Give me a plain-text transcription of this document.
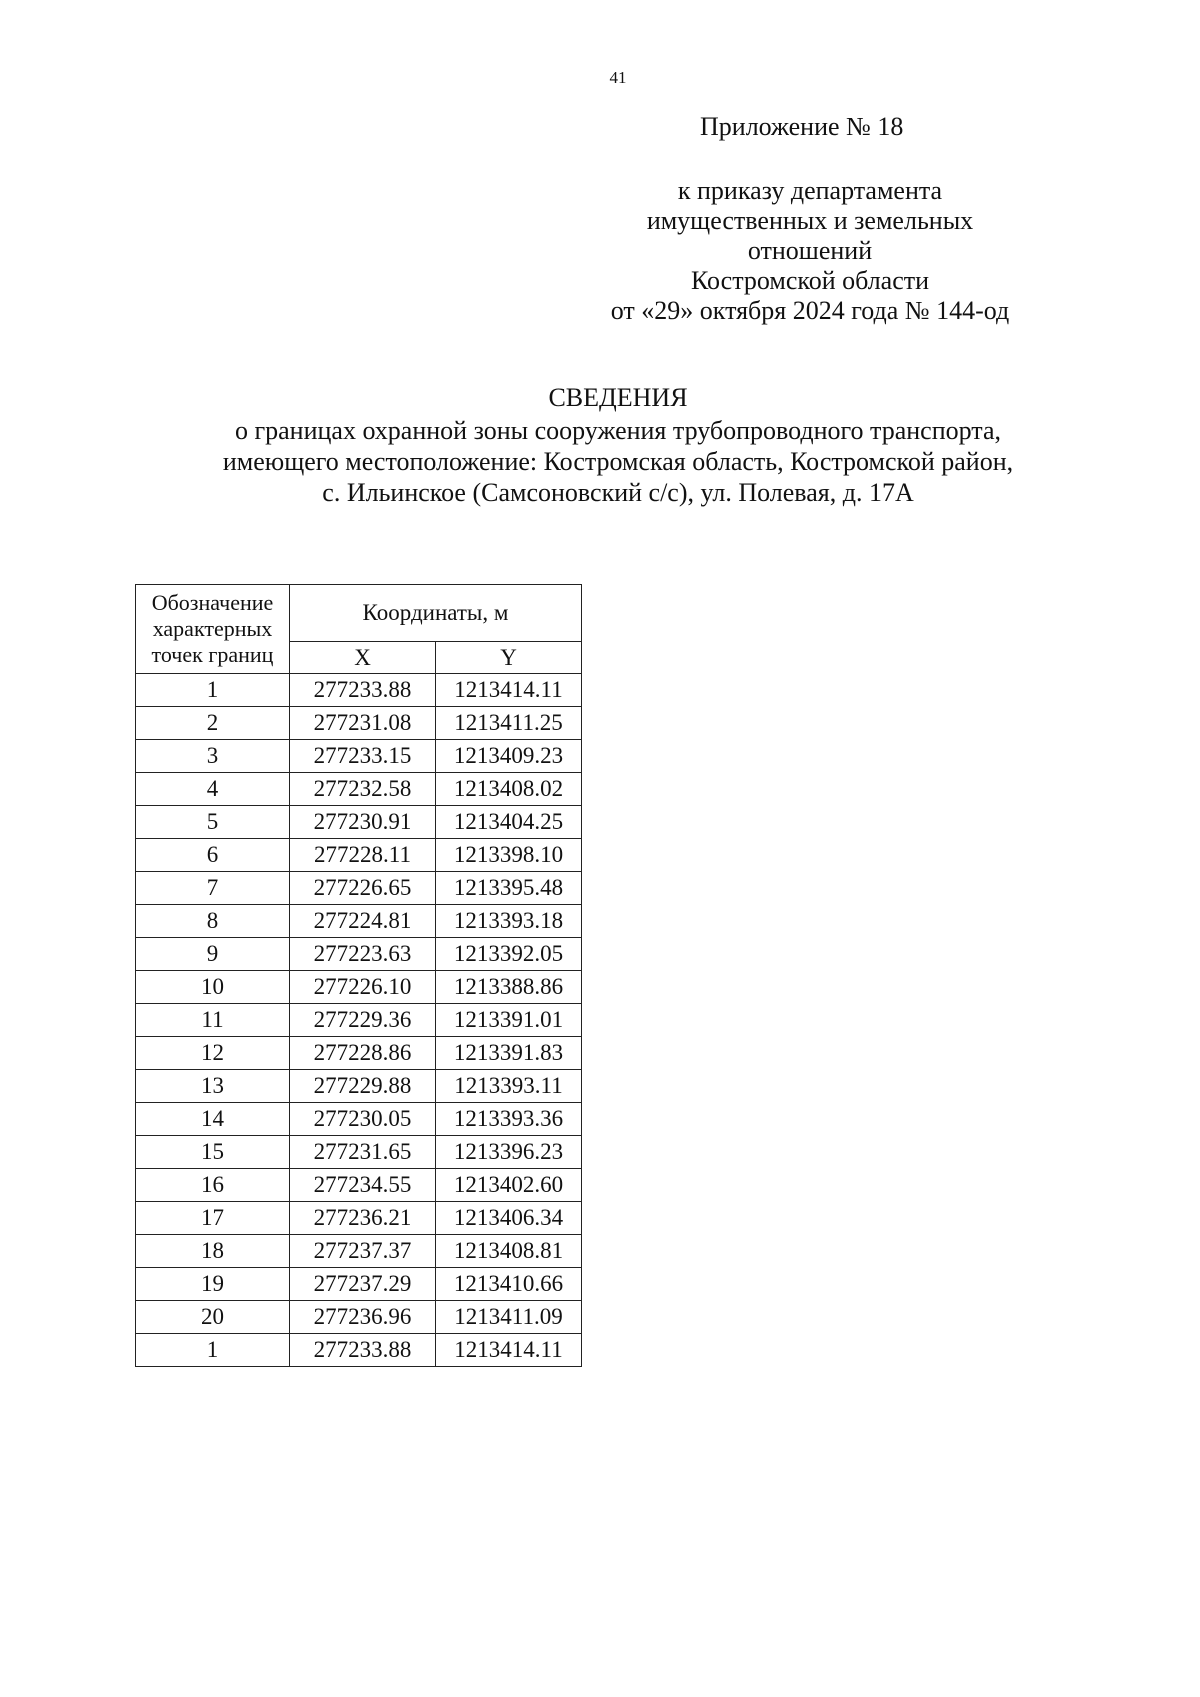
41
Приложение № 18
к приказу департамента
имущественных и земельных
отношений
Костромской области
от «29» октября 2024 года № 144-од
СВЕДЕНИЯ
о границах охранной зоны сооружения трубопроводного транспорта,
имеющего местоположение: Костромская область, Костромской район,
с. Ильинское (Самсоновский с/с), ул. Полевая, д. 17А
Обозначение
характерных
точек границ	Координаты, м	
	X	Y
1	277233.88	1213414.11
2	277231.08	1213411.25
3	277233.15	1213409.23
4	277232.58	1213408.02
5	277230.91	1213404.25
6	277228.11	1213398.10
7	277226.65	1213395.48
8	277224.81	1213393.18
9	277223.63	1213392.05
10	277226.10	1213388.86
11	277229.36	1213391.01
12	277228.86	1213391.83
13	277229.88	1213393.11
14	277230.05	1213393.36
15	277231.65	1213396.23
16	277234.55	1213402.60
17	277236.21	1213406.34
18	277237.37	1213408.81
19	277237.29	1213410.66
20	277236.96	1213411.09
1	277233.88	1213414.11
